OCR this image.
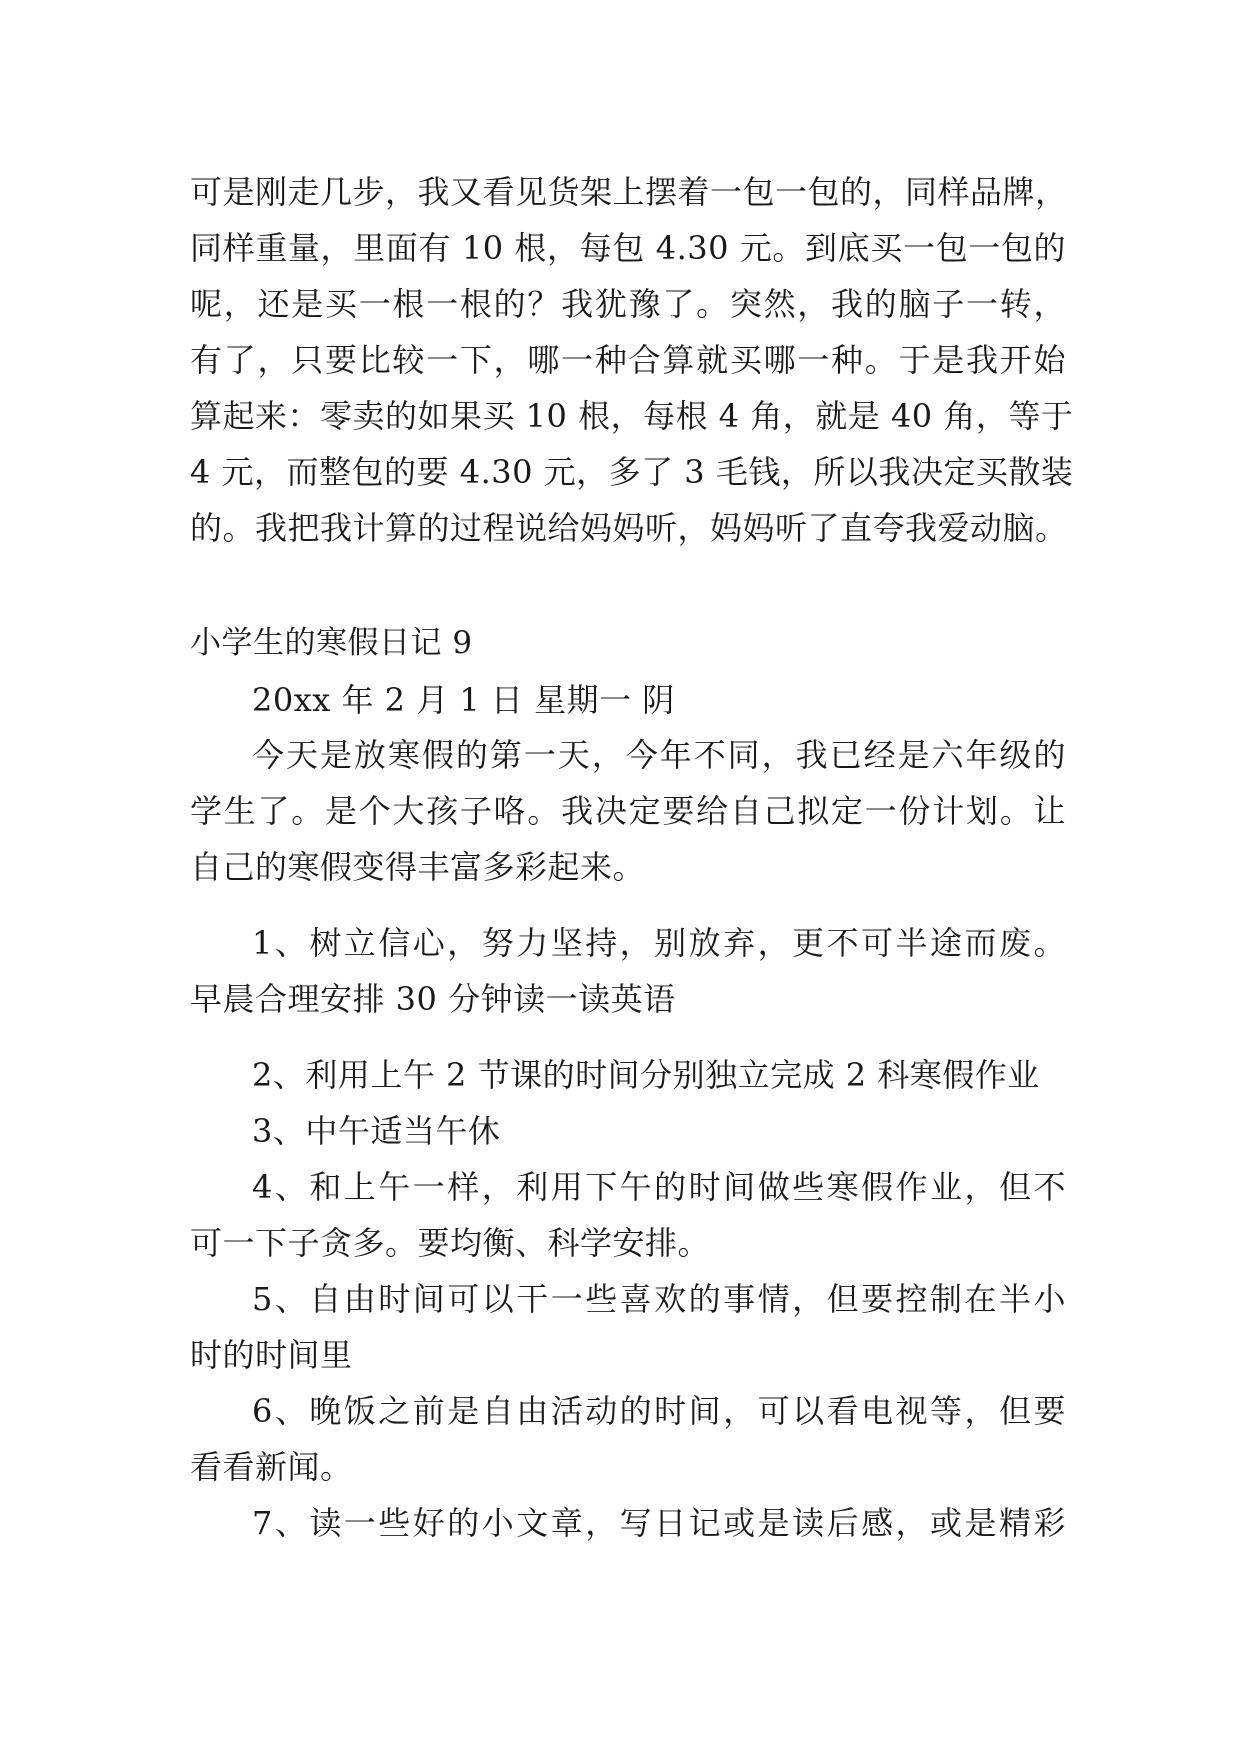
可是刚走几步，我又看见货架上摆着一包一包的，同样品牌，
同样重量，里面有 10 根，每包 4.30 元。到底买一包一包的
呢，还是买一根一根的？我犹豫了。突然，我的脑子一转，
有了，只要比较一下，哪一种合算就买哪一种。于是我开始
算起来：零卖的如果买 10 根，每根 4 角，就是 40 角，等于
4 元，而整包的要 4.30 元，多了 3 毛钱，所以我决定买散装
的。我把我计算的过程说给妈妈听，妈妈听了直夸我爱动脑。
小学生的寒假日记 9
20xx 年 2 月 1 日 星期一 阴
今天是放寒假的第一天，今年不同，我已经是六年级的
学生了。是个大孩子咯。我决定要给自己拟定一份计划。让
自己的寒假变得丰富多彩起来。
1、树立信心，努力坚持，别放弃，更不可半途而废。
早晨合理安排 30 分钟读一读英语
2、利用上午 2 节课的时间分别独立完成 2 科寒假作业
3、中午适当午休
4、和上午一样，利用下午的时间做些寒假作业，但不
可一下子贪多。要均衡、科学安排。
5、自由时间可以干一些喜欢的事情，但要控制在半小
时的时间里
6、晚饭之前是自由活动的时间，可以看电视等，但要
看看新闻。
7、读一些好的小文章，写日记或是读后感，或是精彩
